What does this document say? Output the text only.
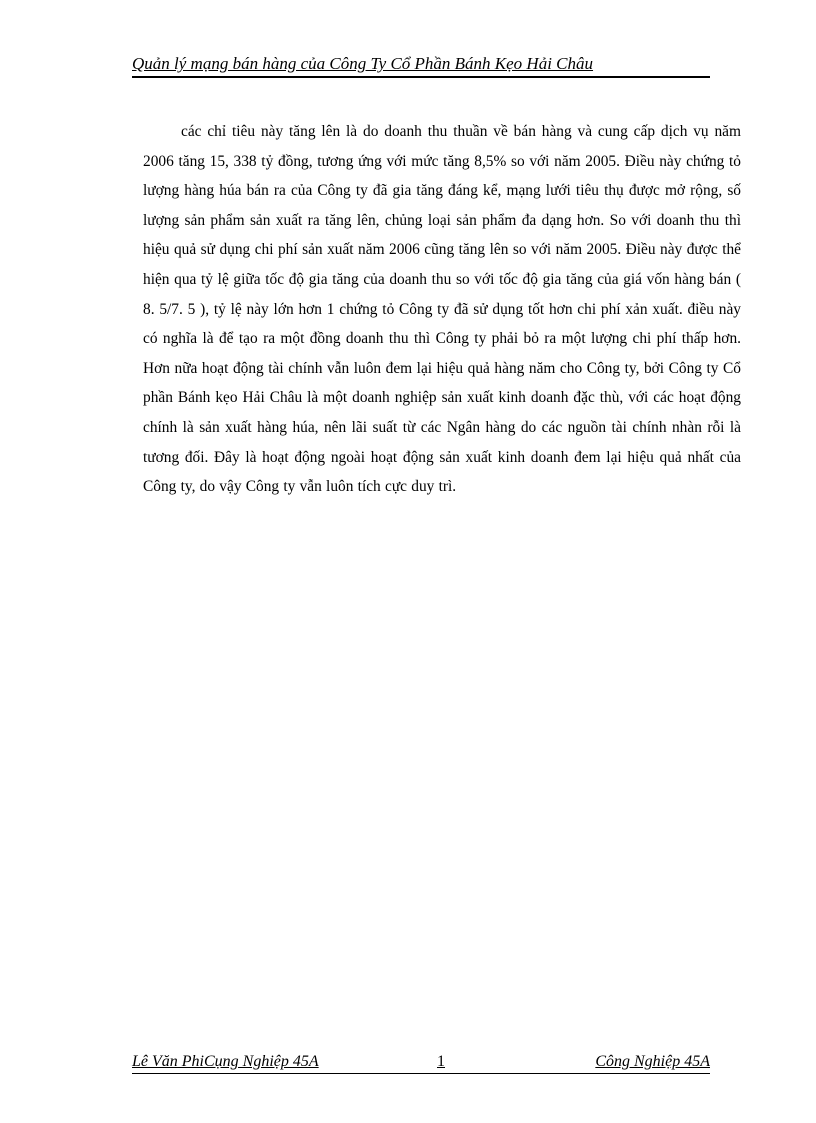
Quản lý mạng bán hàng của Công Ty Cổ Phần Bánh Kẹo Hải Châu

các chỉ tiêu này tăng lên là do doanh thu thuần về bán hàng và cung cấp dịch vụ năm 2006 tăng 15, 338 tỷ đồng, tương ứng với mức tăng 8,5% so với năm 2005. Điều này chứng tỏ lượng hàng húa bán ra của Công ty đã gia tăng đáng kể, mạng lưới tiêu thụ được mở rộng, số lượng sản phẩm sản xuất ra tăng lên, chủng loại sản phẩm đa dạng hơn. So với doanh thu thì hiệu quả sử dụng chi phí sản xuất năm 2006 cũng tăng lên so với năm 2005. Điều này được thể hiện qua tỷ lệ giữa tốc độ gia tăng của doanh thu so với tốc độ gia tăng của giá vốn hàng bán ( 8. 5/7. 5 ), tỷ lệ này lớn hơn 1 chứng tỏ Công ty đã sử dụng tốt hơn chi phí xản xuất. điều này có nghĩa là để tạo ra một đồng doanh thu thì Công ty phải bỏ ra một lượng chi phí thấp hơn. Hơn nữa hoạt động tài chính vẫn luôn đem lại hiệu quả hàng năm cho Công ty, bởi Công ty Cổ phần Bánh kẹo Hải Châu là một doanh nghiệp sản xuất kinh doanh đặc thù, với các hoạt động chính là sản xuất hàng húa, nên lãi suất từ các Ngân hàng do các nguồn tài chính nhàn rỗi là tương đối. Đây là hoạt động ngoài hoạt động sản xuất kinh doanh đem lại hiệu quả nhất của Công ty, do vậy Công ty vẫn luôn tích cực duy trì.

Lê Văn PhiCụng Nghiệp 45A	1	Công Nghiệp 45A
